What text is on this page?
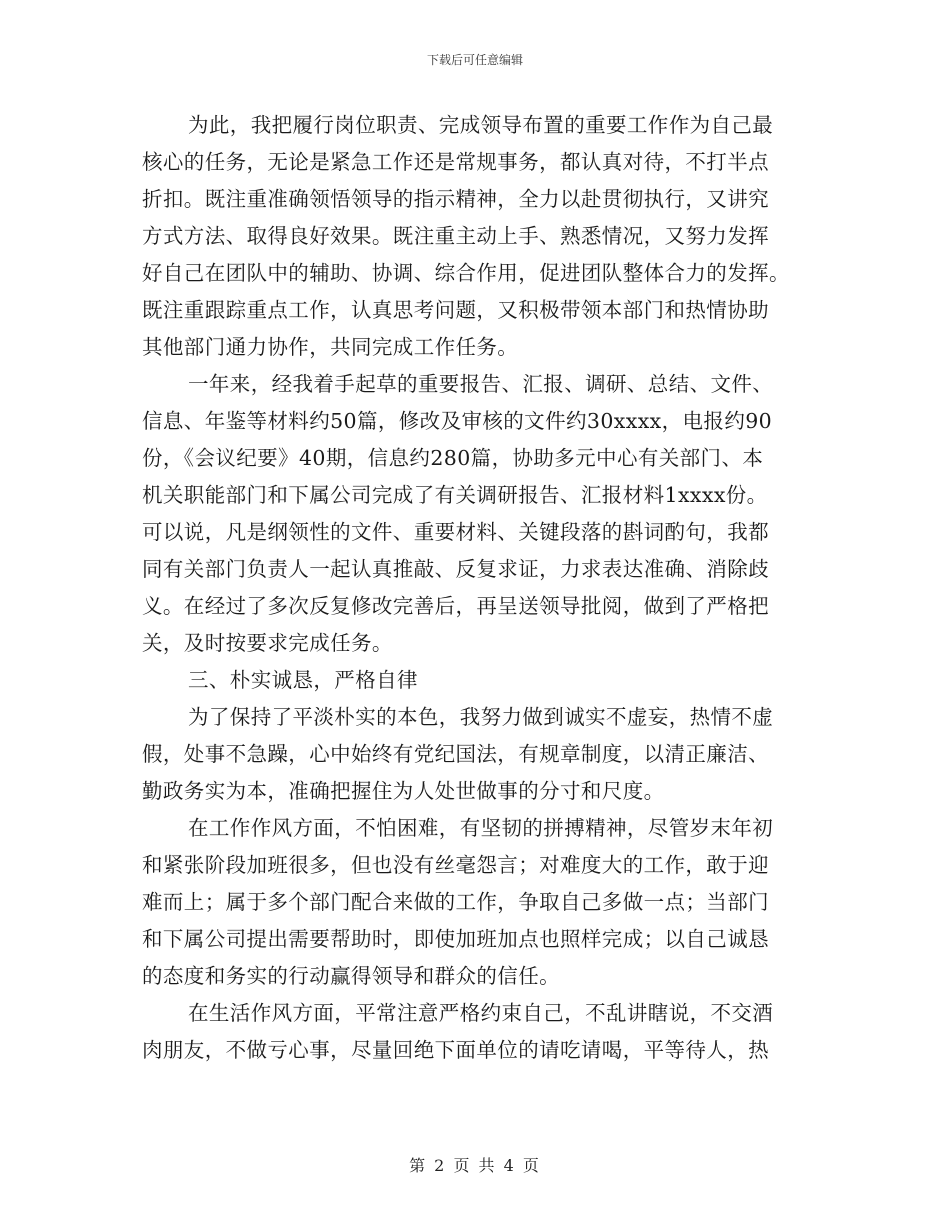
下载后可任意编辑
为此，我把履行岗位职责、完成领导布置的重要工作作为自己最
核心的任务，无论是紧急工作还是常规事务，都认真对待，不打半点
折扣。既注重准确领悟领导的指示精神，全力以赴贯彻执行，又讲究
方式方法、取得良好效果。既注重主动上手、熟悉情况，又努力发挥
好自己在团队中的辅助、协调、综合作用，促进团队整体合力的发挥。
既注重跟踪重点工作，认真思考问题，又积极带领本部门和热情协助
其他部门通力协作，共同完成工作任务。
一年来，经我着手起草的重要报告、汇报、调研、总结、文件、
信息、年鉴等材料约50篇，修改及审核的文件约30xxxx，电报约90
份，《会议纪要》40期，信息约280篇，协助多元中心有关部门、本
机关职能部门和下属公司完成了有关调研报告、汇报材料1xxxx份。
可以说，凡是纲领性的文件、重要材料、关键段落的斟词酌句，我都
同有关部门负责人一起认真推敲、反复求证，力求表达准确、消除歧
义。在经过了多次反复修改完善后，再呈送领导批阅，做到了严格把
关，及时按要求完成任务。
三、朴实诚恳，严格自律
为了保持了平淡朴实的本色，我努力做到诚实不虚妄，热情不虚
假，处事不急躁，心中始终有党纪国法，有规章制度，以清正廉洁、
勤政务实为本，准确把握住为人处世做事的分寸和尺度。
在工作作风方面，不怕困难，有坚韧的拼搏精神，尽管岁末年初
和紧张阶段加班很多，但也没有丝毫怨言；对难度大的工作，敢于迎
难而上；属于多个部门配合来做的工作，争取自己多做一点；当部门
和下属公司提出需要帮助时，即使加班加点也照样完成；以自己诚恳
的态度和务实的行动赢得领导和群众的信任。
在生活作风方面，平常注意严格约束自己，不乱讲瞎说，不交酒
肉朋友，不做亏心事，尽量回绝下面单位的请吃请喝，平等待人，热
第 2 页 共 4 页
